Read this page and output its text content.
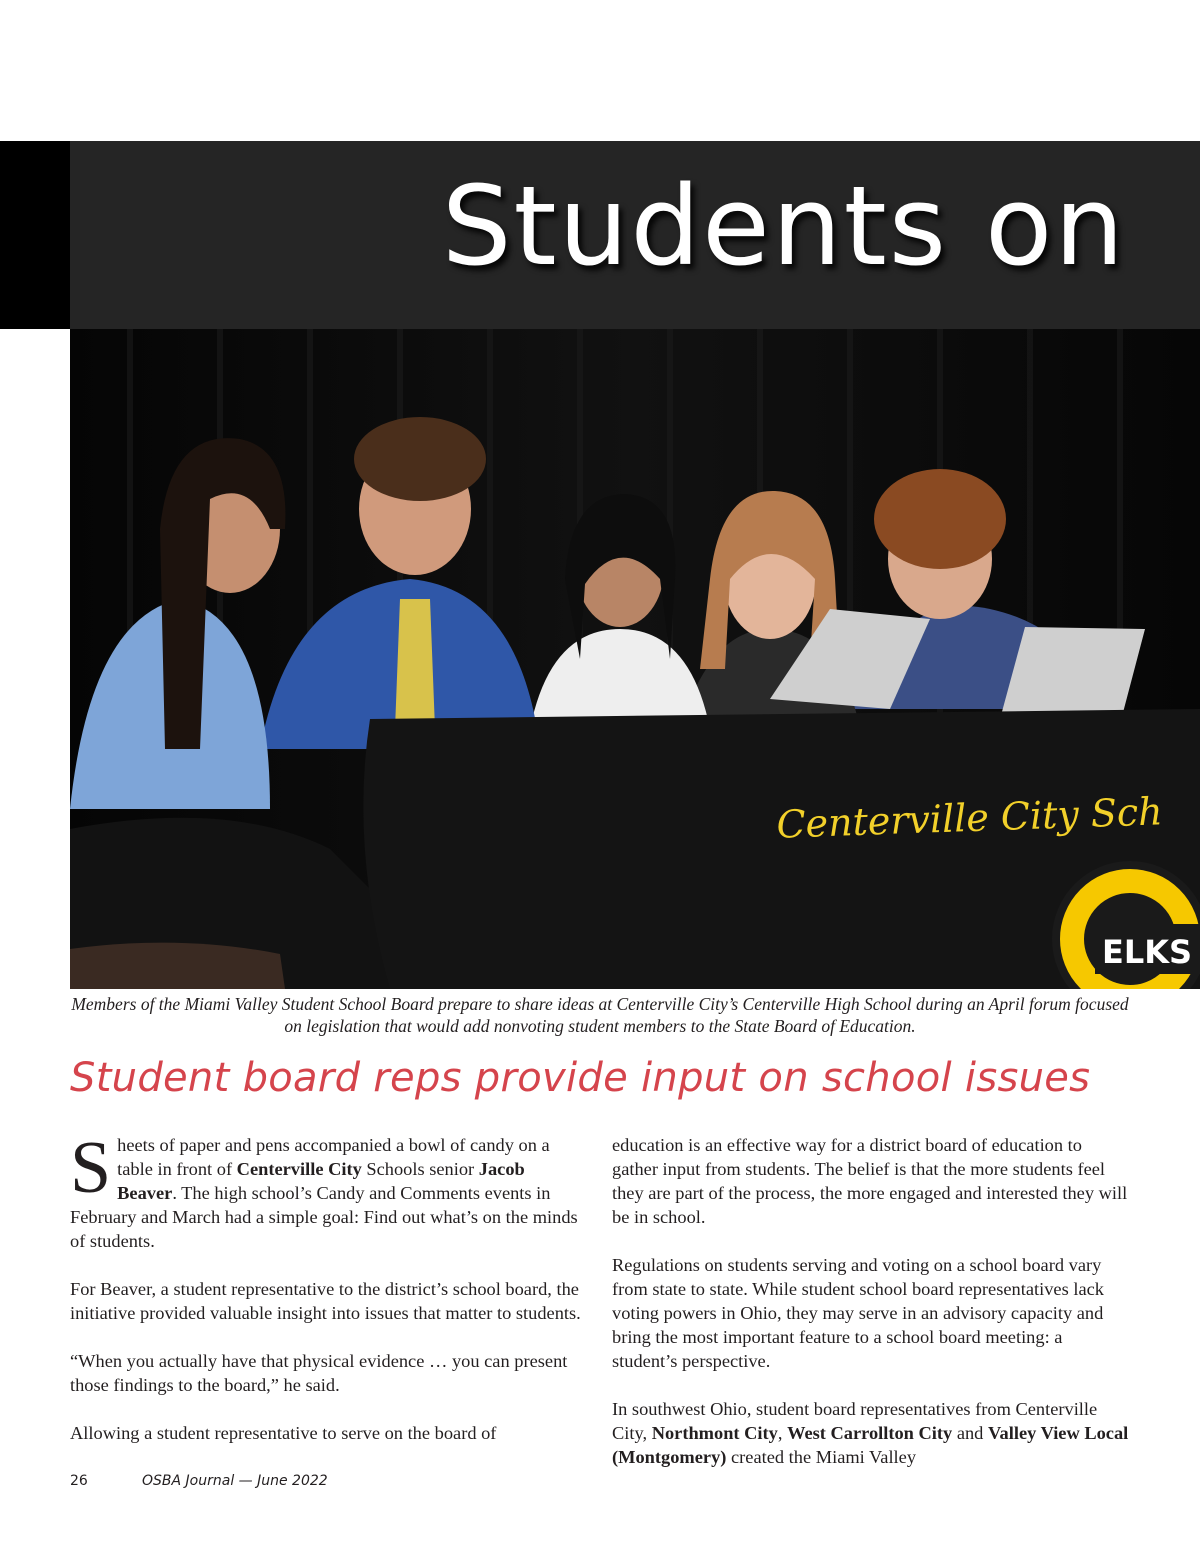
Students on
Centerville City Sch
ELKS
Members of the Miami Valley Student School Board prepare to share ideas at Centerville City’s Centerville High School during an April forum focused on legislation that would add nonvoting student members to the State Board of Education.
Student board reps provide input on school issues

Sheets of paper and pens accompanied a bowl of candy on a table in front of Centerville City Schools senior Jacob Beaver. The high school’s Candy and Comments events in February and March had a simple goal: Find out what’s on the minds of students.

For Beaver, a student representative to the district’s school board, the initiative provided valuable insight into issues that matter to students.

“When you actually have that physical evidence … you can present those findings to the board,” he said.

Allowing a student representative to serve on the board of

education is an effective way for a district board of education to gather input from students. The belief is that the more students feel they are part of the process, the more engaged and interested they will be in school.

Regulations on students serving and voting on a school board vary from state to state. While student school board representatives lack voting powers in Ohio, they may serve in an advisory capacity and bring the most important feature to a school board meeting: a student’s perspective.

In southwest Ohio, student board representatives from Centerville City, Northmont City, West Carrollton City and Valley View Local (Montgomery) created the Miami Valley

26	OSBA Journal — June 2022
